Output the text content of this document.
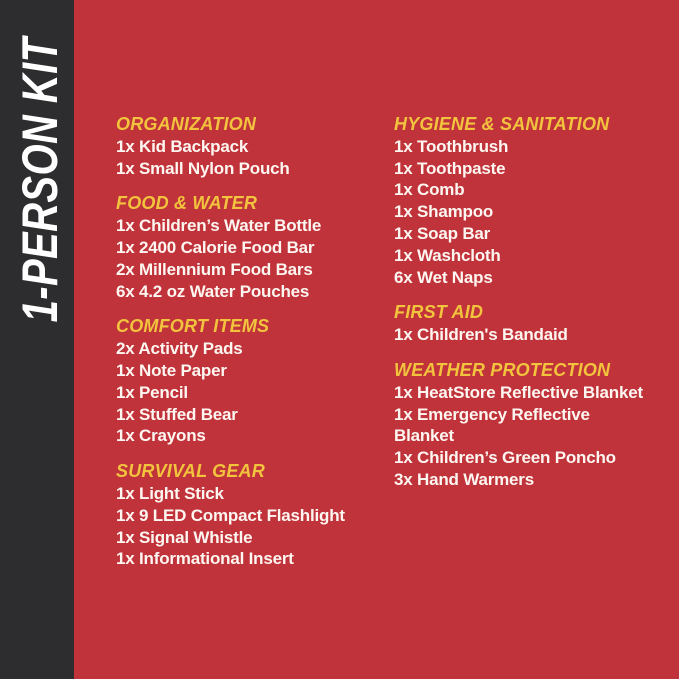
1-PERSON KIT	ORGANIZATION
1x Kid Backpack
1x Small Nylon Pouch
FOOD & WATER
1x Children’s Water Bottle
1x 2400 Calorie Food Bar
2x Millennium Food Bars
6x 4.2 oz Water Pouches
COMFORT ITEMS
2x Activity Pads
1x Note Paper
1x Pencil
1x Stuffed Bear
1x Crayons
SURVIVAL GEAR
1x Light Stick
1x 9 LED Compact Flashlight
1x Signal Whistle
1x Informational Insert
HYGIENE & SANITATION
1x Toothbrush
1x Toothpaste
1x Comb
1x Shampoo
1x Soap Bar
1x Washcloth
6x Wet Naps
FIRST AID
1x Children's Bandaid
WEATHER PROTECTION
1x HeatStore Reflective Blanket
1x Emergency Reflective
Blanket
1x Children’s Green Poncho
3x Hand Warmers
